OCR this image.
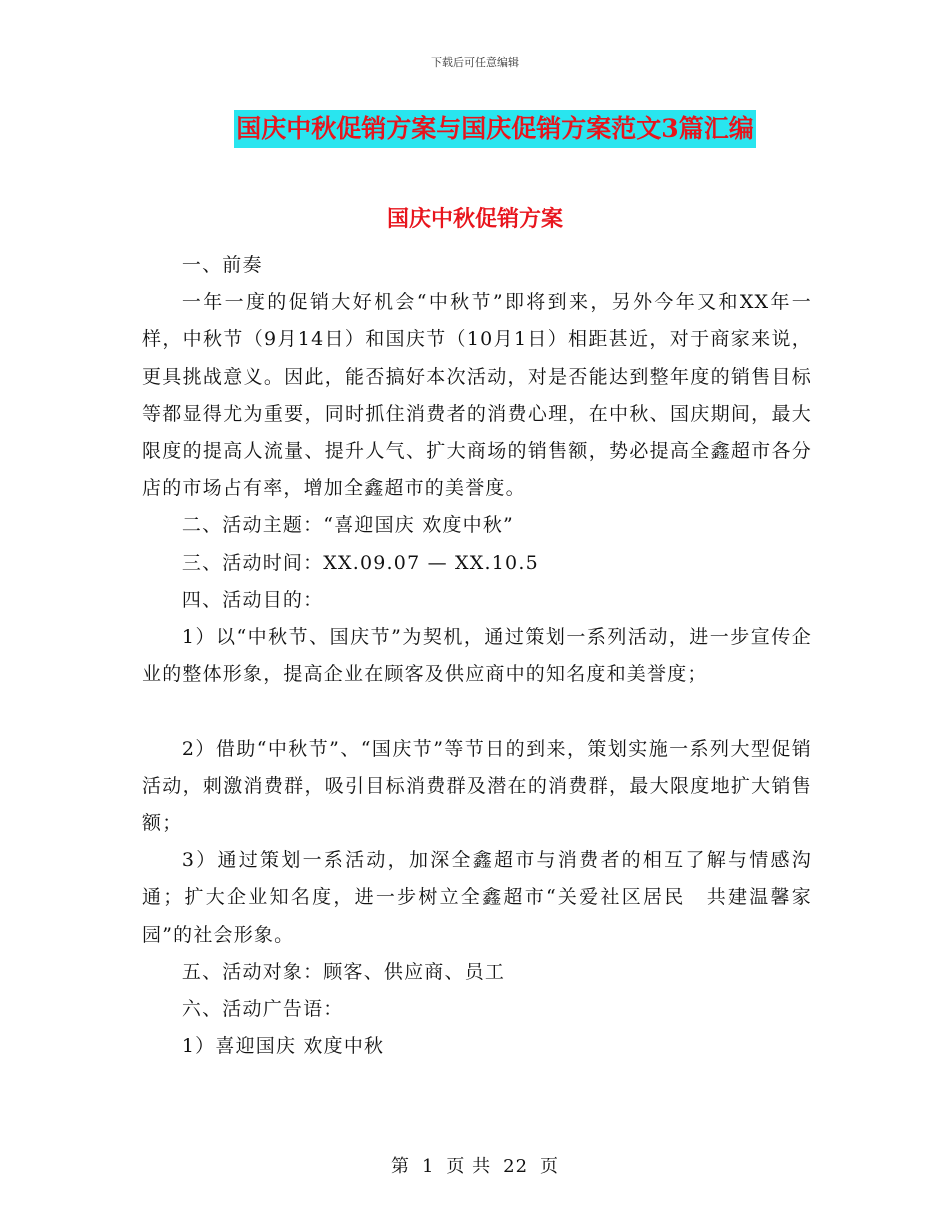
下载后可任意编辑
国庆中秋促销方案与国庆促销方案范文3篇汇编
国庆中秋促销方案

一、前奏

一年一度的促销大好机会“中秋节”即将到来，另外今年又和XX年一样，中秋节（9月14日）和国庆节（10月1日）相距甚近，对于商家来说，更具挑战意义。因此，能否搞好本次活动，对是否能达到整年度的销售目标等都显得尤为重要，同时抓住消费者的消费心理，在中秋、国庆期间，最大限度的提高人流量、提升人气、扩大商场的销售额，势必提高全鑫超市各分店的市场占有率，增加全鑫超市的美誉度。

二、活动主题：“喜迎国庆 欢度中秋”

三、活动时间：XX.09.07 — XX.10.5

四、活动目的：

1）以“中秋节、国庆节”为契机，通过策划一系列活动，进一步宣传企业的整体形象，提高企业在顾客及供应商中的知名度和美誉度；

2）借助“中秋节”、“国庆节”等节日的到来，策划实施一系列大型促销活动，刺激消费群，吸引目标消费群及潜在的消费群，最大限度地扩大销售额；

3）通过策划一系活动，加深全鑫超市与消费者的相互了解与情感沟通；扩大企业知名度，进一步树立全鑫超市“关爱社区居民　共建温馨家园”的社会形象。

五、活动对象：顾客、供应商、员工

六、活动广告语：

1）喜迎国庆 欢度中秋

第 1 页 共 22 页
